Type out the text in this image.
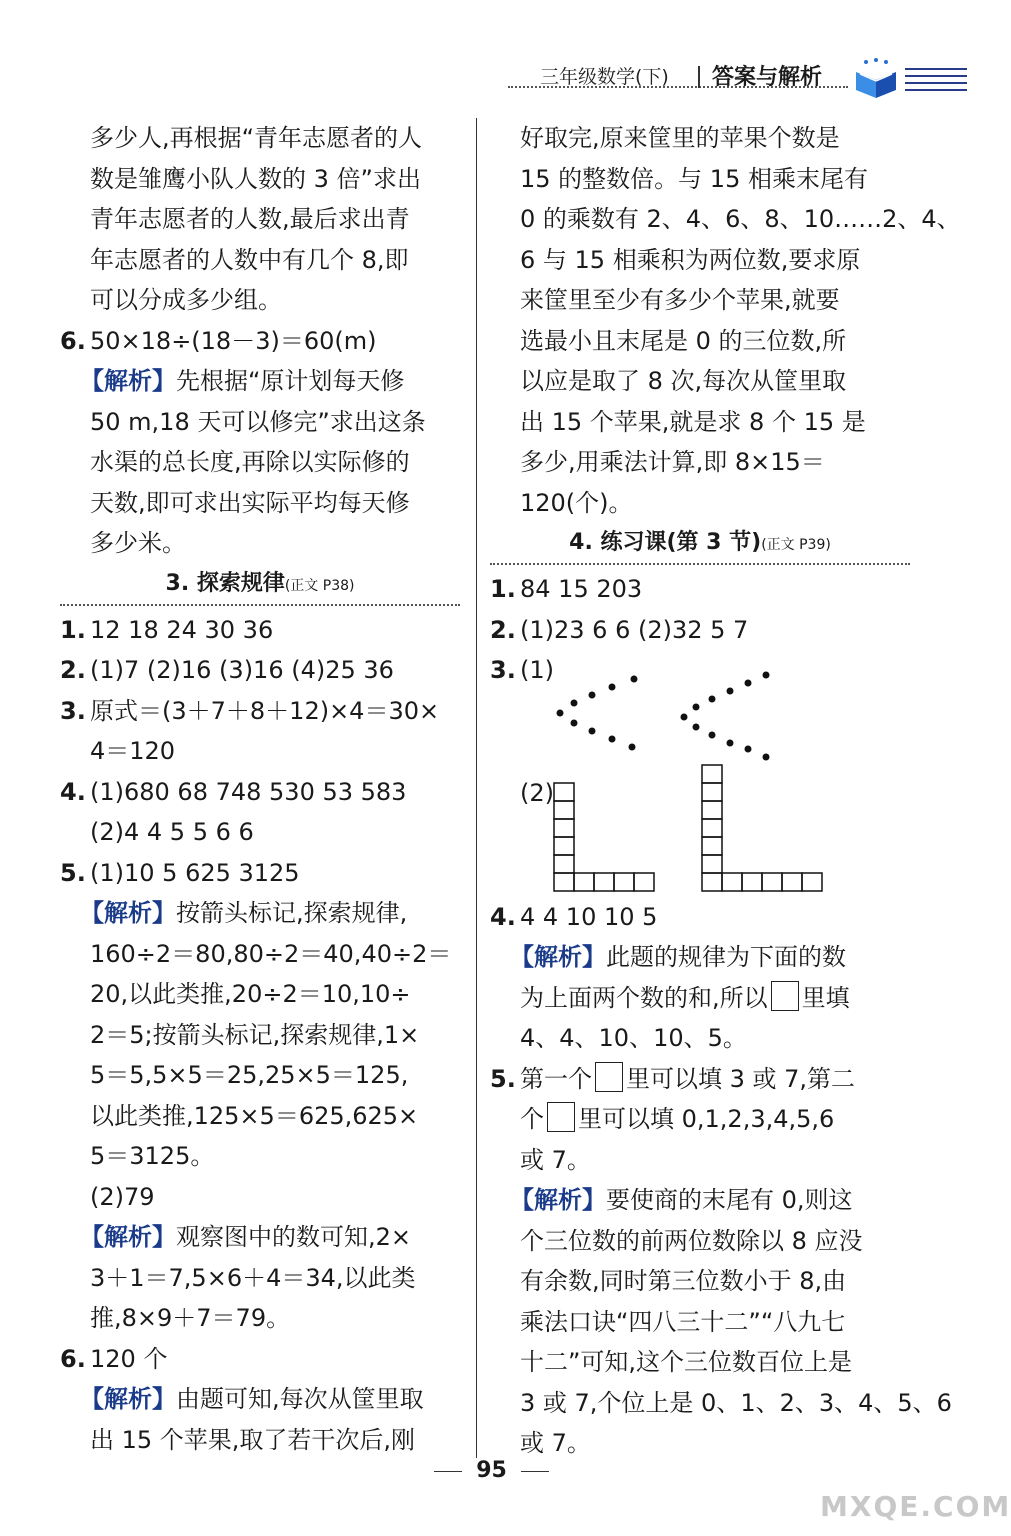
三年级数学(下) 答案与解析
多少人,再根据“青年志愿者的人
数是雏鹰小队人数的 3 倍”求出
青年志愿者的人数,最后求出青
年志愿者的人数中有几个 8,即
可以分成多少组。
6. 50×18÷(18－3)＝60(m)
【解析】先根据“原计划每天修
50 m,18 天可以修完”求出这条
水渠的总长度,再除以实际修的
天数,即可求出实际平均每天修
多少米。
3. 探索规律(正文 P38)
1. 12 18 24 30 36
2. (1)7 (2)16 (3)16 (4)25 36
3. 原式＝(3＋7＋8＋12)×4＝30×
4＝120
4. (1)680 68 748 530 53 583
(2)4 4 5 5 6 6
5. (1)10 5 625 3125
【解析】按箭头标记,探索规律,
160÷2＝80,80÷2＝40,40÷2＝
20,以此类推,20÷2＝10,10÷
2＝5;按箭头标记,探索规律,1×
5＝5,5×5＝25,25×5＝125,
以此类推,125×5＝625,625×
5＝3125。
(2)79
【解析】观察图中的数可知,2×
3＋1＝7,5×6＋4＝34,以此类
推,8×9＋7＝79。
6. 120 个
【解析】由题可知,每次从筐里取
出 15 个苹果,取了若干次后,刚
好取完,原来筐里的苹果个数是
15 的整数倍。与 15 相乘末尾有
0 的乘数有 2、4、6、8、10……2、4、
6 与 15 相乘积为两位数,要求原
来筐里至少有多少个苹果,就要
选最小且末尾是 0 的三位数,所
以应是取了 8 次,每次从筐里取
出 15 个苹果,就是求 8 个 15 是
多少,用乘法计算,即 8×15＝
120(个)。
4. 练习课(第 3 节)(正文 P39)
1. 84 15 203
2. (1)23 6 6 (2)32 5 7
3. (1)
(2)
4. 4 4 10 10 5
【解析】此题的规律为下面的数
为上面两个数的和,所以 里填
4、4、10、10、5。
5. 第一个 里可以填 3 或 7,第二
个 里可以填 0,1,2,3,4,5,6
或 7。
【解析】要使商的末尾有 0,则这
个三位数的前两位数除以 8 应没
有余数,同时第三位数小于 8,由
乘法口诀“四八三十二”“八九七
十二”可知,这个三位数百位上是
3 或 7,个位上是 0、1、2、3、4、5、6
或 7。
95
MXQE.COM
